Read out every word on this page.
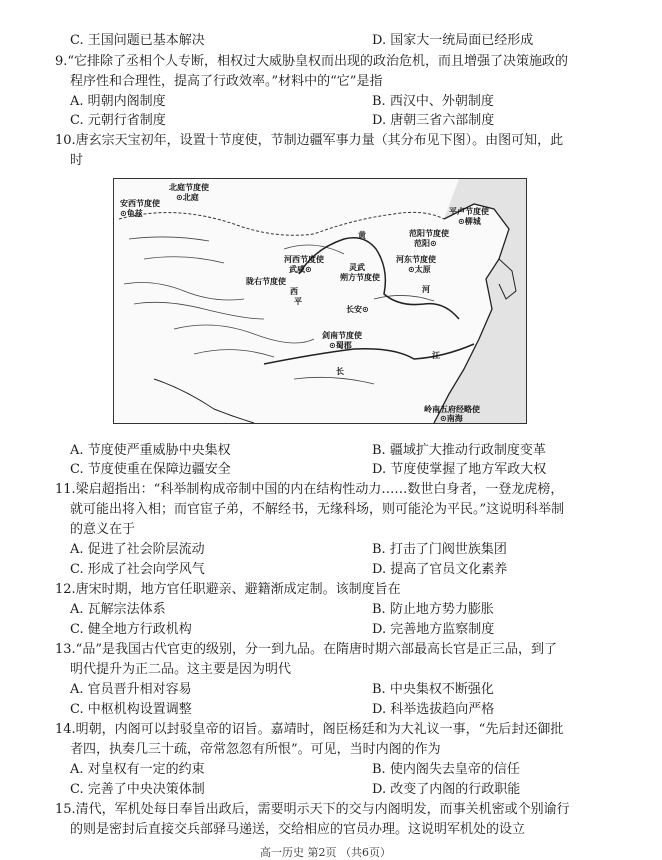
C. 王国问题已基本解决	D. 国家大一统局面已经形成
9.“它排除了丞相个人专断，相权过大威胁皇权而出现的政治危机，而且增强了决策施政的
程序性和合理性，提高了行政效率。”材料中的“它”是指
A. 明朝内阁制度	B. 西汉中、外朝制度
C. 元朝行省制度	D. 唐朝三省六部制度
10.唐玄宗天宝初年，设置十节度使，节制边疆军事力量（其分布见下图）。由图可知，此
时
北庭节度使
⊙北庭
安西节度使
⊙龟兹	平卢节度使
⊙柳城
范阳节度使
范阳⊙
河西节度使
武威⊙	灵武
朔方节度使
河东节度使
⊙太原
陇右节度使
西
平
长安⊙
剑南节度使
⊙蜀郡
黄
河
长
江
岭南五府经略使
⊙南海
A. 节度使严重威胁中央集权	B. 疆域扩大推动行政制度变革
C. 节度使重在保障边疆安全	D. 节度使掌握了地方军政大权
11.梁启超指出：“科举制构成帝制中国的内在结构性动力……数世白身者，一登龙虎榜，
就可能出将入相；而官宦子弟，不解经书，无缘科场，则可能沦为平民。”这说明科举制
的意义在于
A. 促进了社会阶层流动	B. 打击了门阀世族集团
C. 形成了社会向学风气	D. 提高了官员文化素养
12.唐宋时期，地方官任职避亲、避籍渐成定制。该制度旨在
A. 瓦解宗法体系	B. 防止地方势力膨胀
C. 健全地方行政机构	D. 完善地方监察制度
13.“品”是我国古代官吏的级别，分一到九品。在隋唐时期六部最高长官是正三品，到了
明代提升为正二品。这主要是因为明代
A. 官员晋升相对容易	B. 中央集权不断强化
C. 中枢机构设置调整	D. 科举选拔趋向严格
14.明朝，内阁可以封驳皇帝的诏旨。嘉靖时，阁臣杨廷和为大礼议一事，“先后封还御批
者四，执奏几三十疏，帝常忽忽有所恨”。可见，当时内阁的作为
A. 对皇权有一定的约束	B. 使内阁失去皇帝的信任
C. 完善了中央决策体制	D. 改变了内阁的行政职能
15.清代，军机处每日奉旨出政后，需要明示天下的交与内阁明发，而事关机密或个别谕行
的则是密封后直接交兵部驿马递送，交给相应的官员办理。这说明军机处的设立
高一历史 第2页 （共6页）
